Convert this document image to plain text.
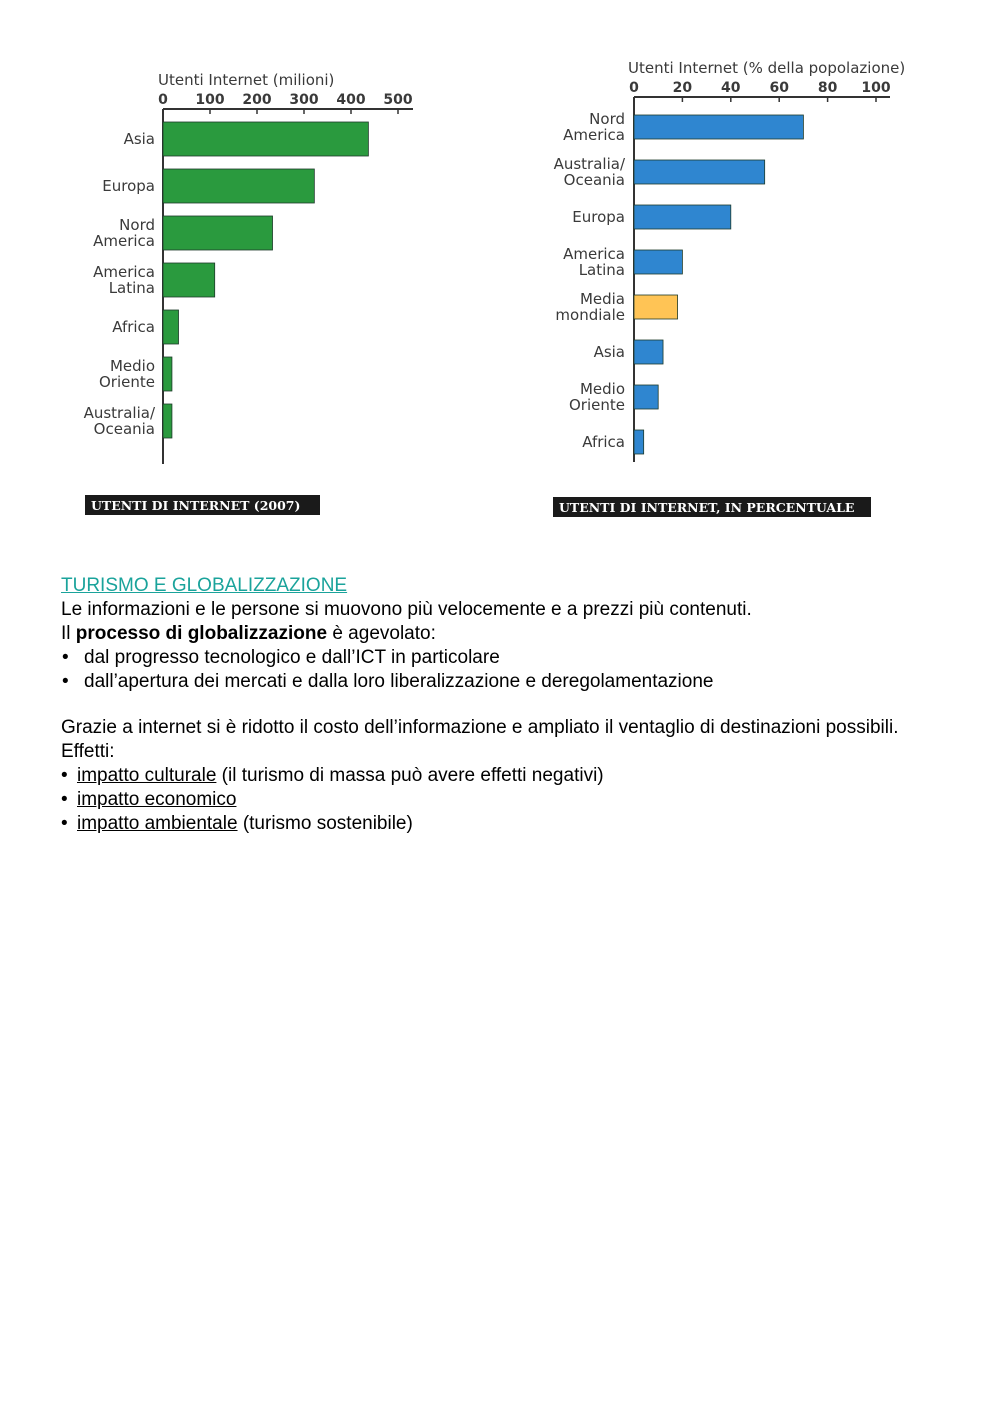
Utenti Internet (milioni)
0 100 200 300 400 500
Asia
Europa
Nord
America
America
Latina
Africa
Medio
Oriente
Australia/
Oceania
UTENTI DI INTERNET (2007)
Utenti Internet (% della popolazione)
0 20 40 60 80 100
Nord
America
Australia/
Oceania
Europa
America
Latina
Media
mondiale
Asia
Medio
Oriente
Africa
UTENTI DI INTERNET, IN PERCENTUALE

TURISMO E GLOBALIZZAZIONE

Le informazioni e le persone si muovono più velocemente e a prezzi più contenuti.

Il processo di globalizzazione è agevolato:

• dal progresso tecnologico e dall’ICT in particolare
• dall’apertura dei mercati e dalla loro liberalizzazione e deregolamentazione

Grazie a internet si è ridotto il costo dell’informazione e ampliato il ventaglio di destinazioni possibili. Effetti:

• impatto culturale (il turismo di massa può avere effetti negativi)
• impatto economico
• impatto ambientale (turismo sostenibile)
